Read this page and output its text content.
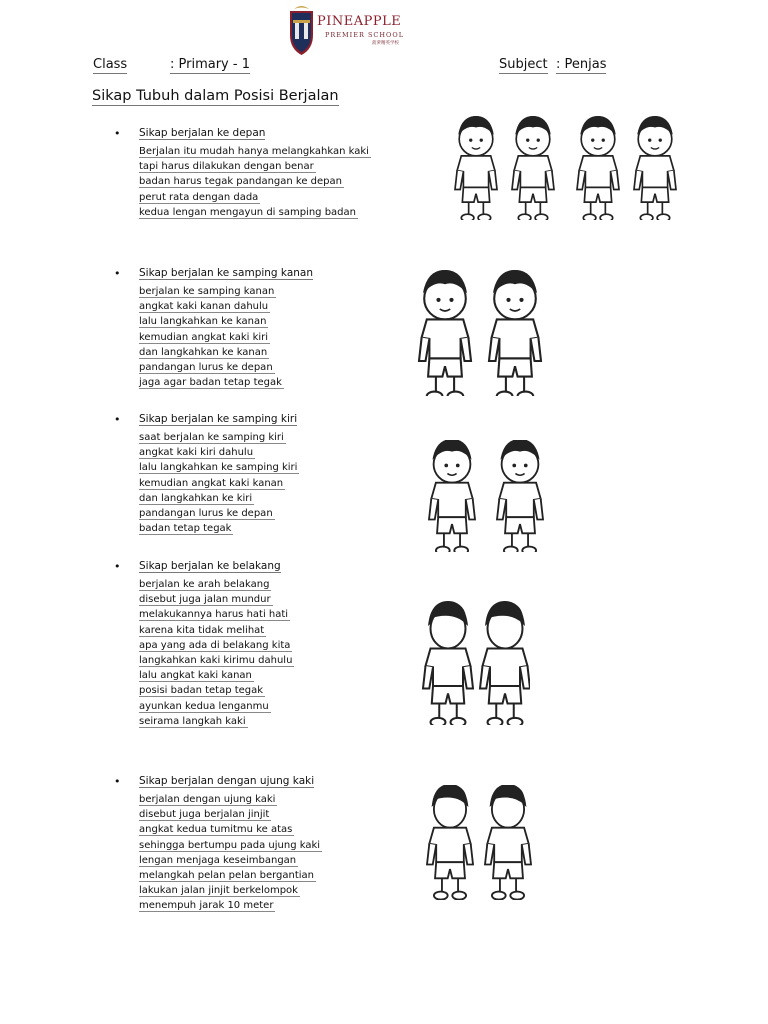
PINEAPPLE
PREMIER SCHOOL
菠萝精英学校
Class	: Primary - 1	Subject : Penjas
Sikap Tubuh dalam Posisi Berjalan
• Sikap berjalan ke depan
Berjalan itu mudah hanya melangkahkan kaki
tapi harus dilakukan dengan benar
badan harus tegak pandangan ke depan
perut rata dengan dada
kedua lengan mengayun di samping badan
• Sikap berjalan ke samping kanan
berjalan ke samping kanan
angkat kaki kanan dahulu
lalu langkahkan ke kanan
kemudian angkat kaki kiri
dan langkahkan ke kanan
pandangan lurus ke depan
jaga agar badan tetap tegak
• Sikap berjalan ke samping kiri
saat berjalan ke samping kiri
angkat kaki kiri dahulu
lalu langkahkan ke samping kiri
kemudian angkat kaki kanan
dan langkahkan ke kiri
pandangan lurus ke depan
badan tetap tegak
• Sikap berjalan ke belakang
berjalan ke arah belakang
disebut juga jalan mundur
melakukannya harus hati hati
karena kita tidak melihat
apa yang ada di belakang kita
langkahkan kaki kirimu dahulu
lalu angkat kaki kanan
posisi badan tetap tegak
ayunkan kedua lenganmu
seirama langkah kaki
• Sikap berjalan dengan ujung kaki
berjalan dengan ujung kaki
disebut juga berjalan jinjit
angkat kedua tumitmu ke atas
sehingga bertumpu pada ujung kaki
lengan menjaga keseimbangan
melangkah pelan pelan bergantian
lakukan jalan jinjit berkelompok
menempuh jarak 10 meter
